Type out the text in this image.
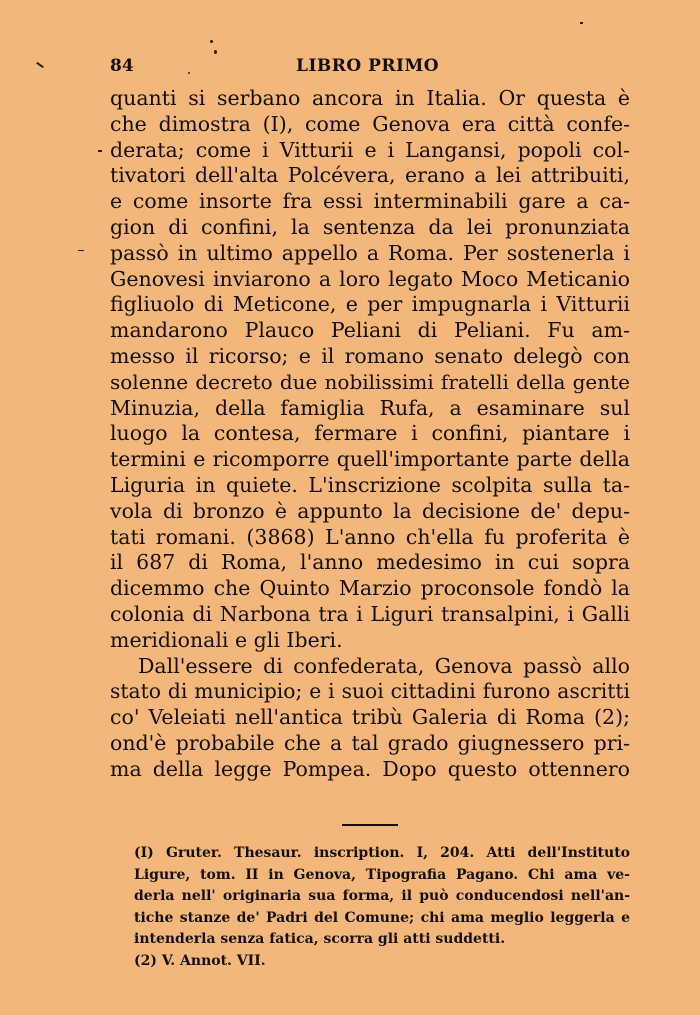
84	LIBRO PRIMO
quanti si serbano ancora in Italia. Or questa è
che dimostra (I), come Genova era città confe-
derata; come i Vitturii e i Langansi, popoli col-
tivatori dell'alta Polcévera, erano a lei attribuiti,
e come insorte fra essi interminabili gare a ca-
gion di confini, la sentenza da lei pronunziata
passò in ultimo appello a Roma. Per sostenerla i
Genovesi inviarono a loro legato Moco Meticanio
figliuolo di Meticone, e per impugnarla i Vitturii
mandarono Plauco Peliani di Peliani. Fu am-
messo il ricorso; e il romano senato delegò con
solenne decreto due nobilissimi fratelli della gente
Minuzia, della famiglia Rufa, a esaminare sul
luogo la contesa, fermare i confini, piantare i
termini e ricomporre quell'importante parte della
Liguria in quiete. L'inscrizione scolpita sulla ta-
vola di bronzo è appunto la decisione de' depu-
tati romani. (3868) L'anno ch'ella fu proferita è
il 687 di Roma, l'anno medesimo in cui sopra
dicemmo che Quinto Marzio proconsole fondò la
colonia di Narbona tra i Liguri transalpini, i Galli
meridionali e gli Iberi.
Dall'essere di confederata, Genova passò allo
stato di municipio; e i suoi cittadini furono ascritti
co' Veleiati nell'antica tribù Galeria di Roma (2);
ond'è probabile che a tal grado giugnessero pri-
ma della legge Pompea. Dopo questo ottennero
(I) Gruter. Thesaur. inscription. I, 204. Atti dell'Instituto
Ligure, tom. II in Genova, Tipografia Pagano. Chi ama ve-
derla nell' originaria sua forma, il può conducendosi nell'an-
tiche stanze de' Padri del Comune; chi ama meglio leggerla e
intenderla senza fatica, scorra gli atti suddetti.
(2) V. Annot. VII.
